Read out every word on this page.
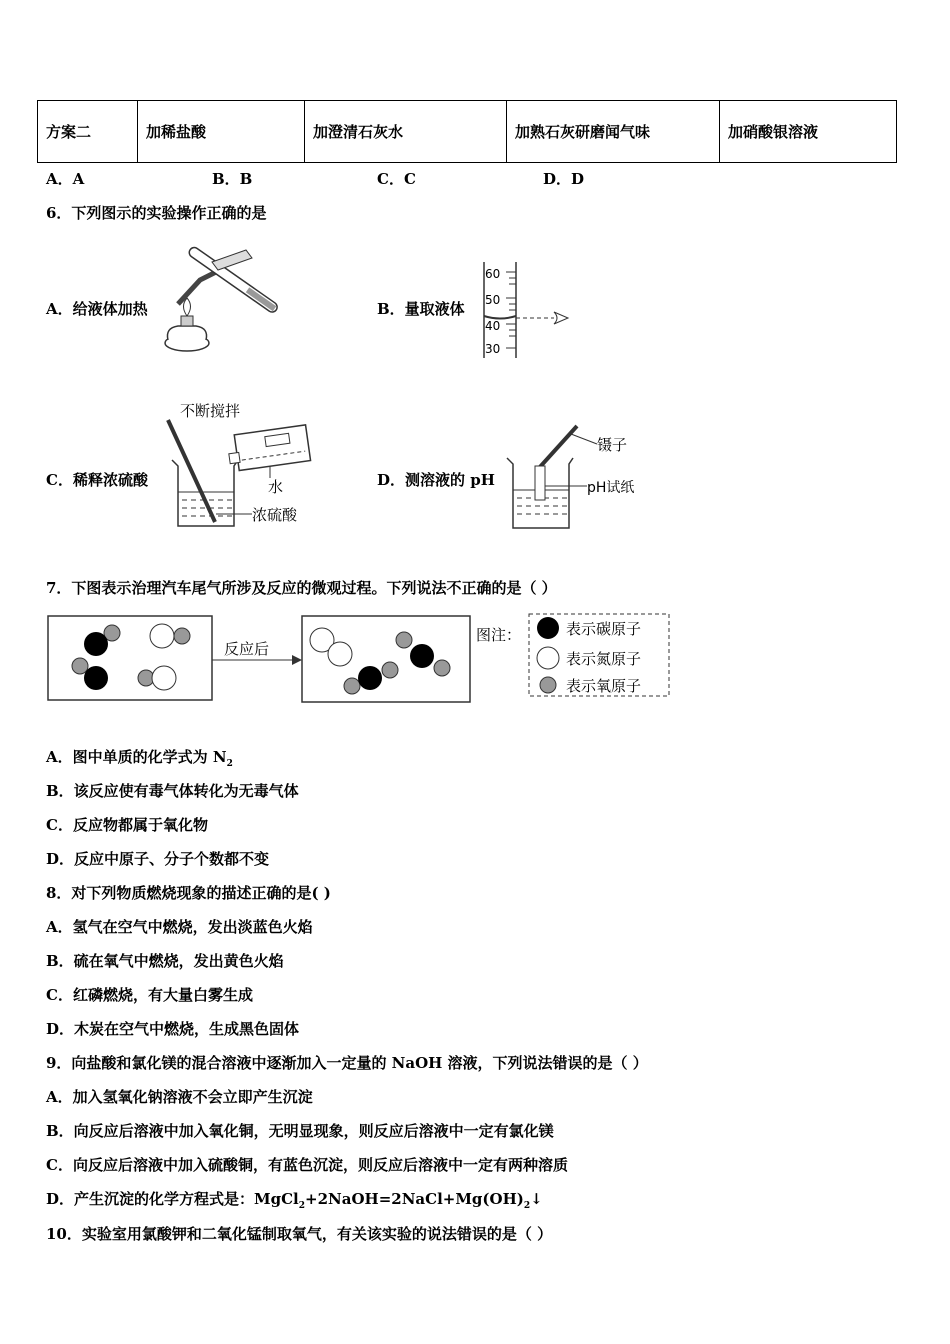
方案二	加稀盐酸	加澄清石灰水	加熟石灰研磨闻气味	加硝酸银溶液
A．A	B．B	C．C	D．D
6．下列图示的实验操作正确的是
A．给液体加热	B．量取液体
C．稀释浓硫酸	D．测溶液的 pH
60
50
40
30
不断搅拌
水
浓硫酸
镊子
pH试纸
7．下图表示治理汽车尾气所涉及反应的微观过程。下列说法不正确的是（ ）
反应后
图注：	表示碳原子
表示氮原子
表示氧原子
A．图中单质的化学式为 $N_2$
B．该反应使有毒气体转化为无毒气体
C．反应物都属于氧化物
D．反应中原子、分子个数都不变
8．对下列物质燃烧现象的描述正确的是( )
A．氢气在空气中燃烧，发出淡蓝色火焰
B．硫在氧气中燃烧，发出黄色火焰
C．红磷燃烧，有大量白雾生成
D．木炭在空气中燃烧，生成黑色固体
9．向盐酸和氯化镁的混合溶液中逐渐加入一定量的 NaOH 溶液，下列说法错误的是（ ）
A．加入氢氧化钠溶液不会立即产生沉淀
B．向反应后溶液中加入氧化铜，无明显现象，则反应后溶液中一定有氯化镁
C．向反应后溶液中加入硫酸铜，有蓝色沉淀，则反应后溶液中一定有两种溶质
D．产生沉淀的化学方程式是：$MgCl_2+2NaOH=2NaCl+Mg(OH)_2↓$
10．实验室用氯酸钾和二氧化锰制取氧气，有关该实验的说法错误的是（ ）
